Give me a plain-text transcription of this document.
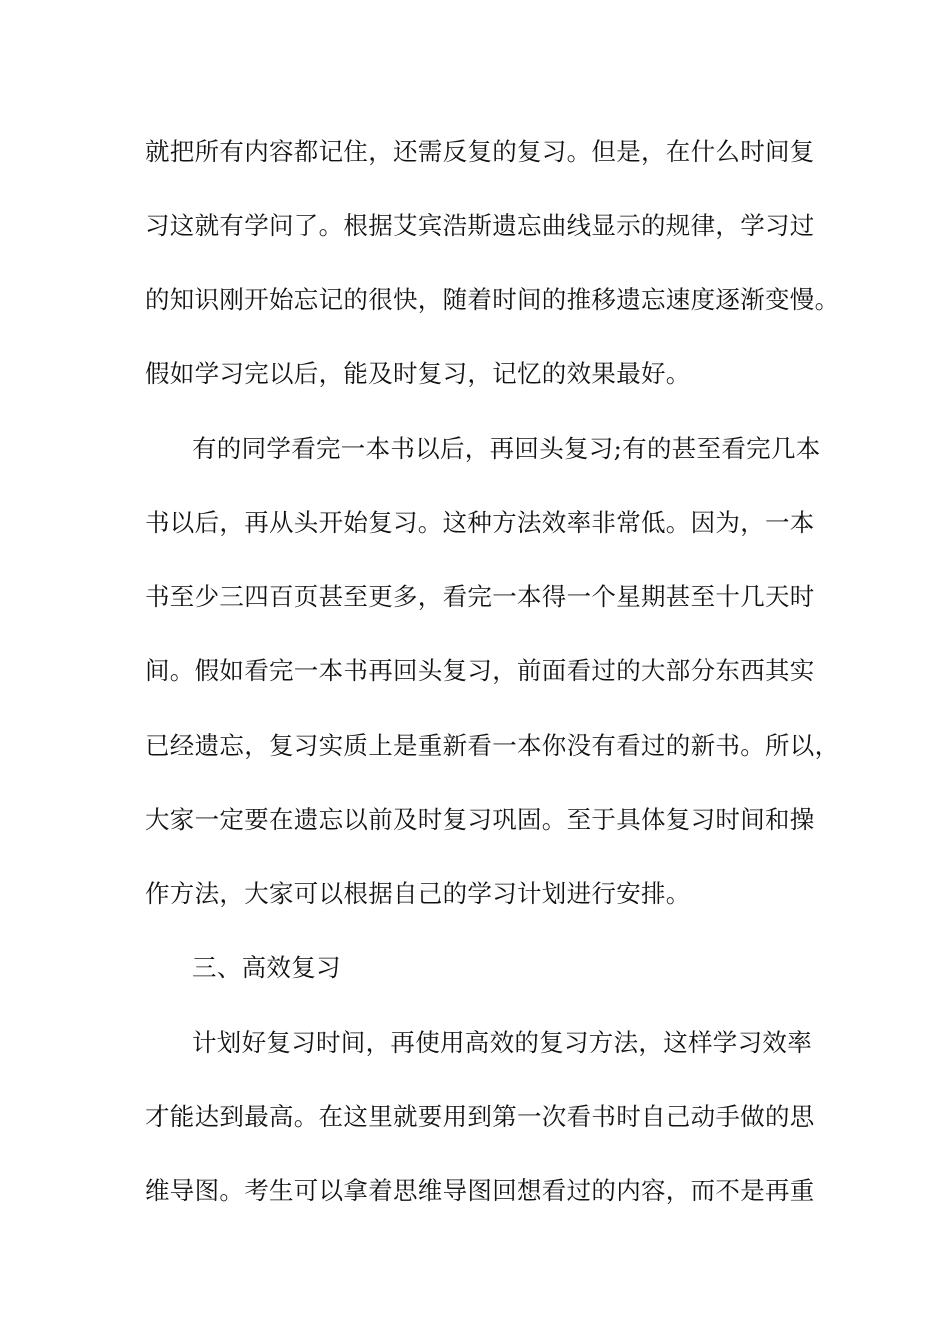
就把所有内容都记住，还需反复的复习。但是，在什么时间复
习这就有学问了。根据艾宾浩斯遗忘曲线显示的规律，学习过
的知识刚开始忘记的很快，随着时间的推移遗忘速度逐渐变慢。
假如学习完以后，能及时复习，记忆的效果最好。
有的同学看完一本书以后，再回头复习;有的甚至看完几本
书以后，再从头开始复习。这种方法效率非常低。因为，一本
书至少三四百页甚至更多，看完一本得一个星期甚至十几天时
间。假如看完一本书再回头复习，前面看过的大部分东西其实
已经遗忘，复习实质上是重新看一本你没有看过的新书。所以，
大家一定要在遗忘以前及时复习巩固。至于具体复习时间和操
作方法，大家可以根据自己的学习计划进行安排。
三、高效复习
计划好复习时间，再使用高效的复习方法，这样学习效率
才能达到最高。在这里就要用到第一次看书时自己动手做的思
维导图。考生可以拿着思维导图回想看过的内容，而不是再重
